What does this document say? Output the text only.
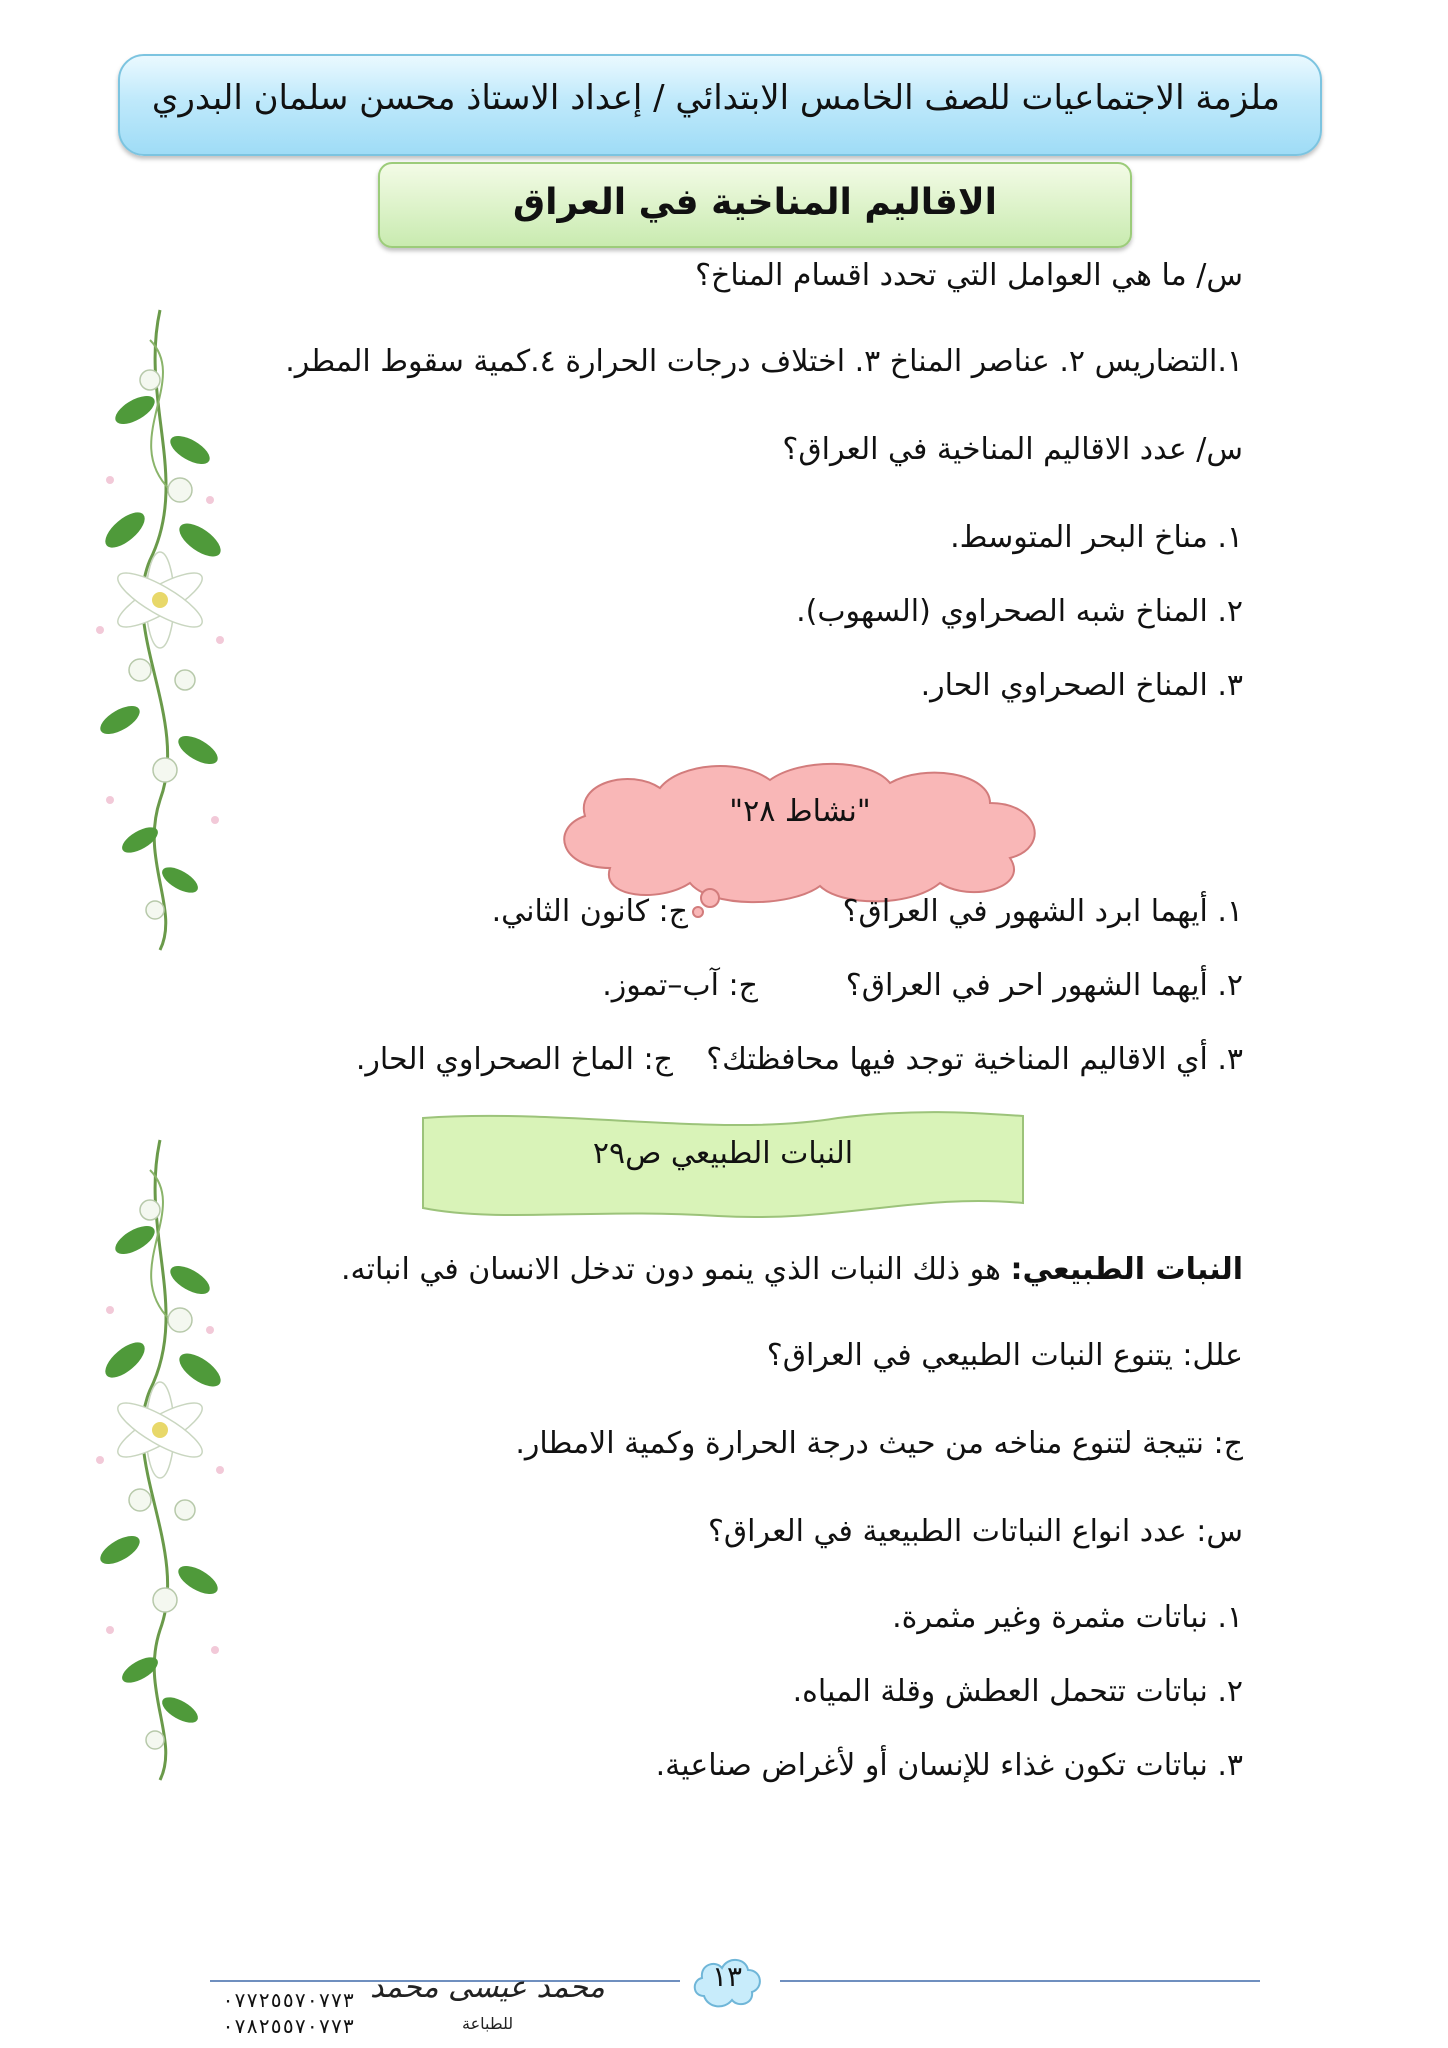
ملزمة الاجتماعيات للصف الخامس الابتدائي / إعداد الاستاذ محسن سلمان البدري
الاقاليم المناخية في العراق
س/ ما هي العوامل التي تحدد اقسام المناخ؟
١.التضاريس ٢. عناصر المناخ ٣. اختلاف درجات الحرارة ٤.كمية سقوط المطر.
س/ عدد الاقاليم المناخية في العراق؟
١. مناخ البحر المتوسط.
٢. المناخ شبه الصحراوي (السهوب).
٣. المناخ الصحراوي الحار.
"نشاط ٢٨"
١. أيهما ابرد الشهور في العراق؟
ج: كانون الثاني.
٢. أيهما الشهور احر في العراق؟
ج: آب–تموز.
٣. أي الاقاليم المناخية توجد فيها محافظتك؟
ج: الماخ الصحراوي الحار.
النبات الطبيعي ص٢٩
النبات الطبيعي: هو ذلك النبات الذي ينمو دون تدخل الانسان في انباته.
علل: يتنوع النبات الطبيعي في العراق؟
ج: نتيجة لتنوع مناخه من حيث درجة الحرارة وكمية الامطار.
س: عدد انواع النباتات الطبيعية في العراق؟
١. نباتات مثمرة وغير مثمرة.
٢. نباتات تتحمل العطش وقلة المياه.
٣. نباتات تكون غذاء للإنسان أو لأغراض صناعية.
١٣
٠٧٧٢٥٥٧٠٧٧٣
٠٧٨٢٥٥٧٠٧٧٣
محمد عيسى محمد
للطباعة
